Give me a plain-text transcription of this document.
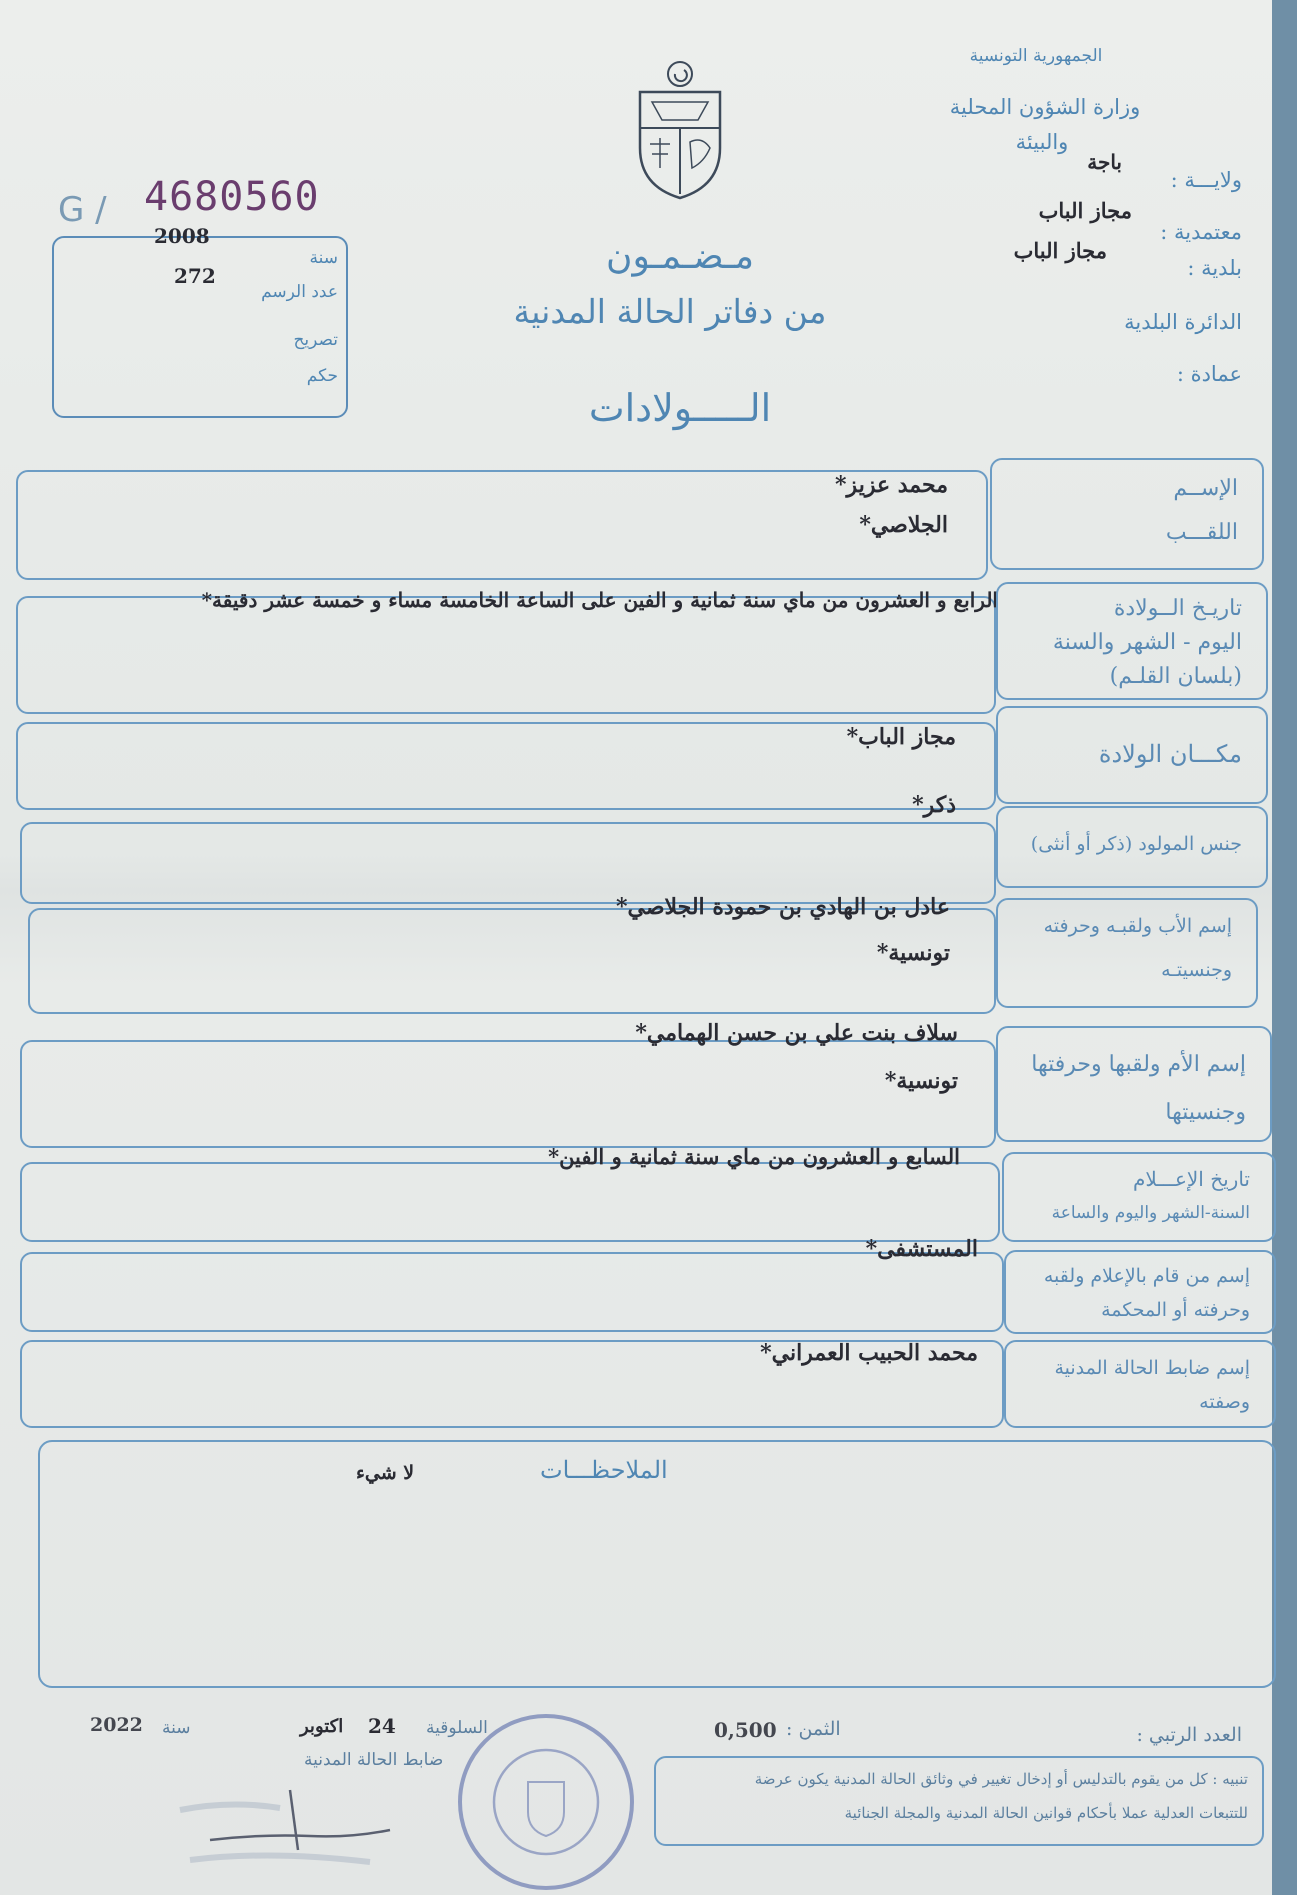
الجمهورية التونسية
وزارة الشؤون المحلية
والبيئة
ولايـــة :
باجة
معتمدية :
مجاز الباب
بلدية :
مجاز الباب
الدائرة البلدية
عمادة :
G / 4680560
2008
سنة
272
عدد الرسم
تصريح
حكم
مـضـمـون
من دفاتر الحالة المدنية
الـــــولادات
محمد عزيز*
الجلاصي*
الإســم
اللقـــب
الرابع و العشرون من ماي سنة ثمانية و الفين على الساعة الخامسة مساء و خمسة عشر دقيقة*	تاريـخ الــولادة
اليوم - الشهر والسنة
(بلسان القلـم)
مجاز الباب*
مكـــان الولادة
ذكر*
جنس المولود (ذكر أو أنثى)
عادل بن الهادي بن حمودة الجلاصي*
تونسية*
إسم الأب ولقبـه وحرفته
وجنسيتـه
سلاف بنت علي بن حسن الهمامي*
تونسية*
إسم الأم ولقبها وحرفتها
وجنسيتها
السابع و العشرون من ماي سنة ثمانية و الفين*
تاريخ الإعـــلام
السنة-الشهر واليوم والساعة
المستشفى*
إسم من قام بالإعلام ولقبه
وحرفته أو المحكمة
محمد الحبيب العمراني*
إسم ضابط الحالة المدنية
وصفته
الملاحظـــات
لا شيء
العدد الرتبي :
الثمن :
0,500
السلوقية
24
اكتوبر
سنة
2022
ضابط الحالة المدنية
تنبيه : كل من يقوم بالتدليس أو إدخال تغيير في وثائق الحالة المدنية يكون عرضة
للتتبعات العدلية عملا بأحكام قوانين الحالة المدنية والمجلة الجنائية
